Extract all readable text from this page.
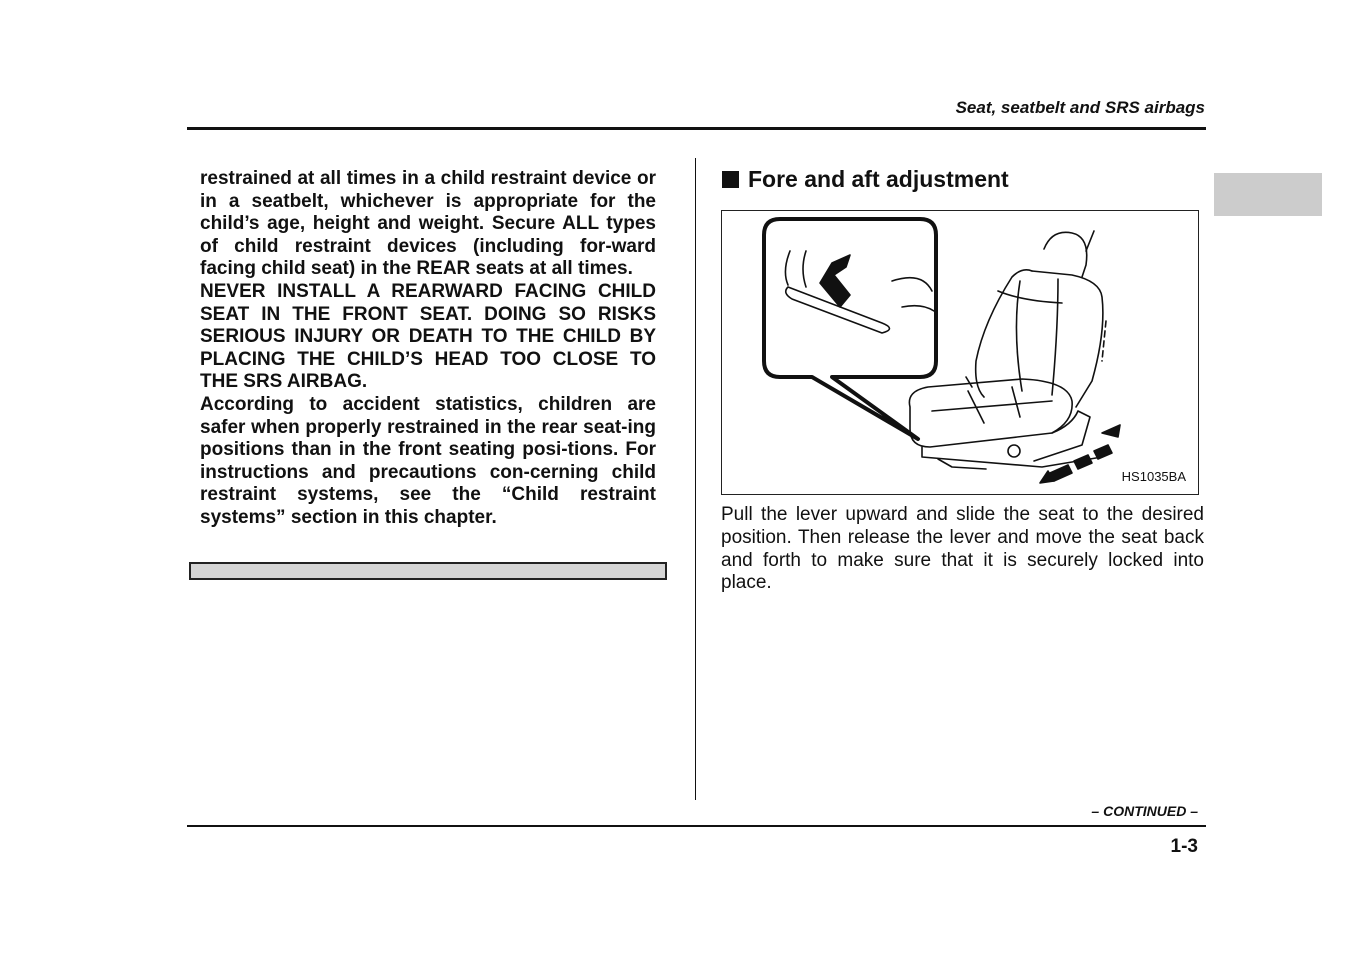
Seat, seatbelt and SRS airbags

restrained at all times in a child restraint device or in a seatbelt, whichever is appropriate for the child’s age, height and weight. Secure ALL types of child restraint devices (including for-ward facing child seat) in the REAR seats at all times.

NEVER INSTALL A REARWARD FACING CHILD SEAT IN THE FRONT SEAT. DOING SO RISKS SERIOUS INJURY OR DEATH TO THE CHILD BY PLACING THE CHILD’S HEAD TOO CLOSE TO THE SRS AIRBAG.

According to accident statistics, children are safer when properly restrained in the rear seat-ing positions than in the front seating posi-tions. For instructions and precautions con-cerning child restraint systems, see the “Child restraint systems” section in this chapter.

Fore and aft adjustment
HS1035BA

Pull the lever upward and slide the seat to the desired position. Then release the lever and move the seat back and forth to make sure that it is securely locked into place.

– CONTINUED –
1-3
